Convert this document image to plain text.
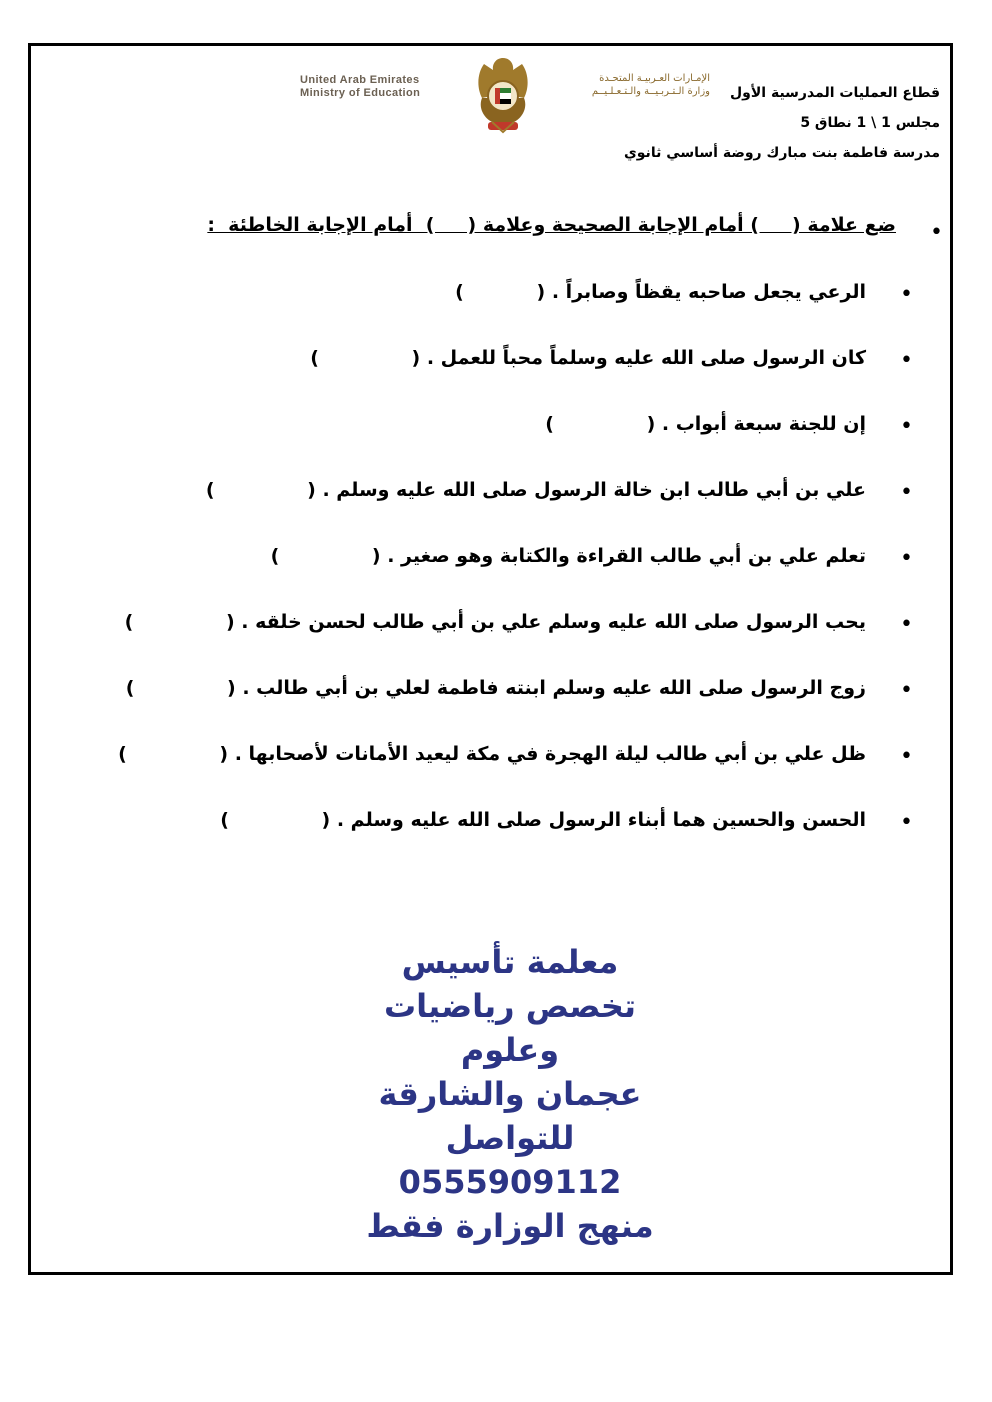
قطاع العمليات المدرسية الأول
مجلس 1 \ 1 نطاق 5
مدرسة فاطمة بنت مبارك روضة أساسي ثانوي
الإمـارات العـربيـة المتحـدة
وزارة الـتـربـيــة والـتـعـلـيــم
United Arab Emirates
Ministry of Education
•
ضع علامة (     ) أمام الإجابة الصحيحة وعلامة (     )  أمام الإجابة الخاطئة  :
•
الرعي يجعل صاحبه يقظاً وصابراً . (           )
•
كان الرسول صلى الله عليه وسلماً محباً للعمل . (              )
•
إن للجنة سبعة أبواب . (              )
•
علي بن أبي طالب ابن خالة الرسول صلى الله عليه وسلم . (              )
•
تعلم علي بن أبي طالب القراءة والكتابة وهو صغير . (              )
•
يحب الرسول صلى الله عليه وسلم علي بن أبي طالب لحسن خلقه . (              )
•
زوج الرسول صلى الله عليه وسلم ابنته فاطمة لعلي بن أبي طالب . (              )
•
ظل علي بن أبي طالب ليلة الهجرة في مكة ليعيد الأمانات لأصحابها . (              )
•
الحسن والحسين هما أبناء الرسول صلى الله عليه وسلم . (              )
معلمة تأسيس
تخصص رياضيات
وعلوم
عجمان والشارقة
للتواصل
0555909112
منهج الوزارة فقط
